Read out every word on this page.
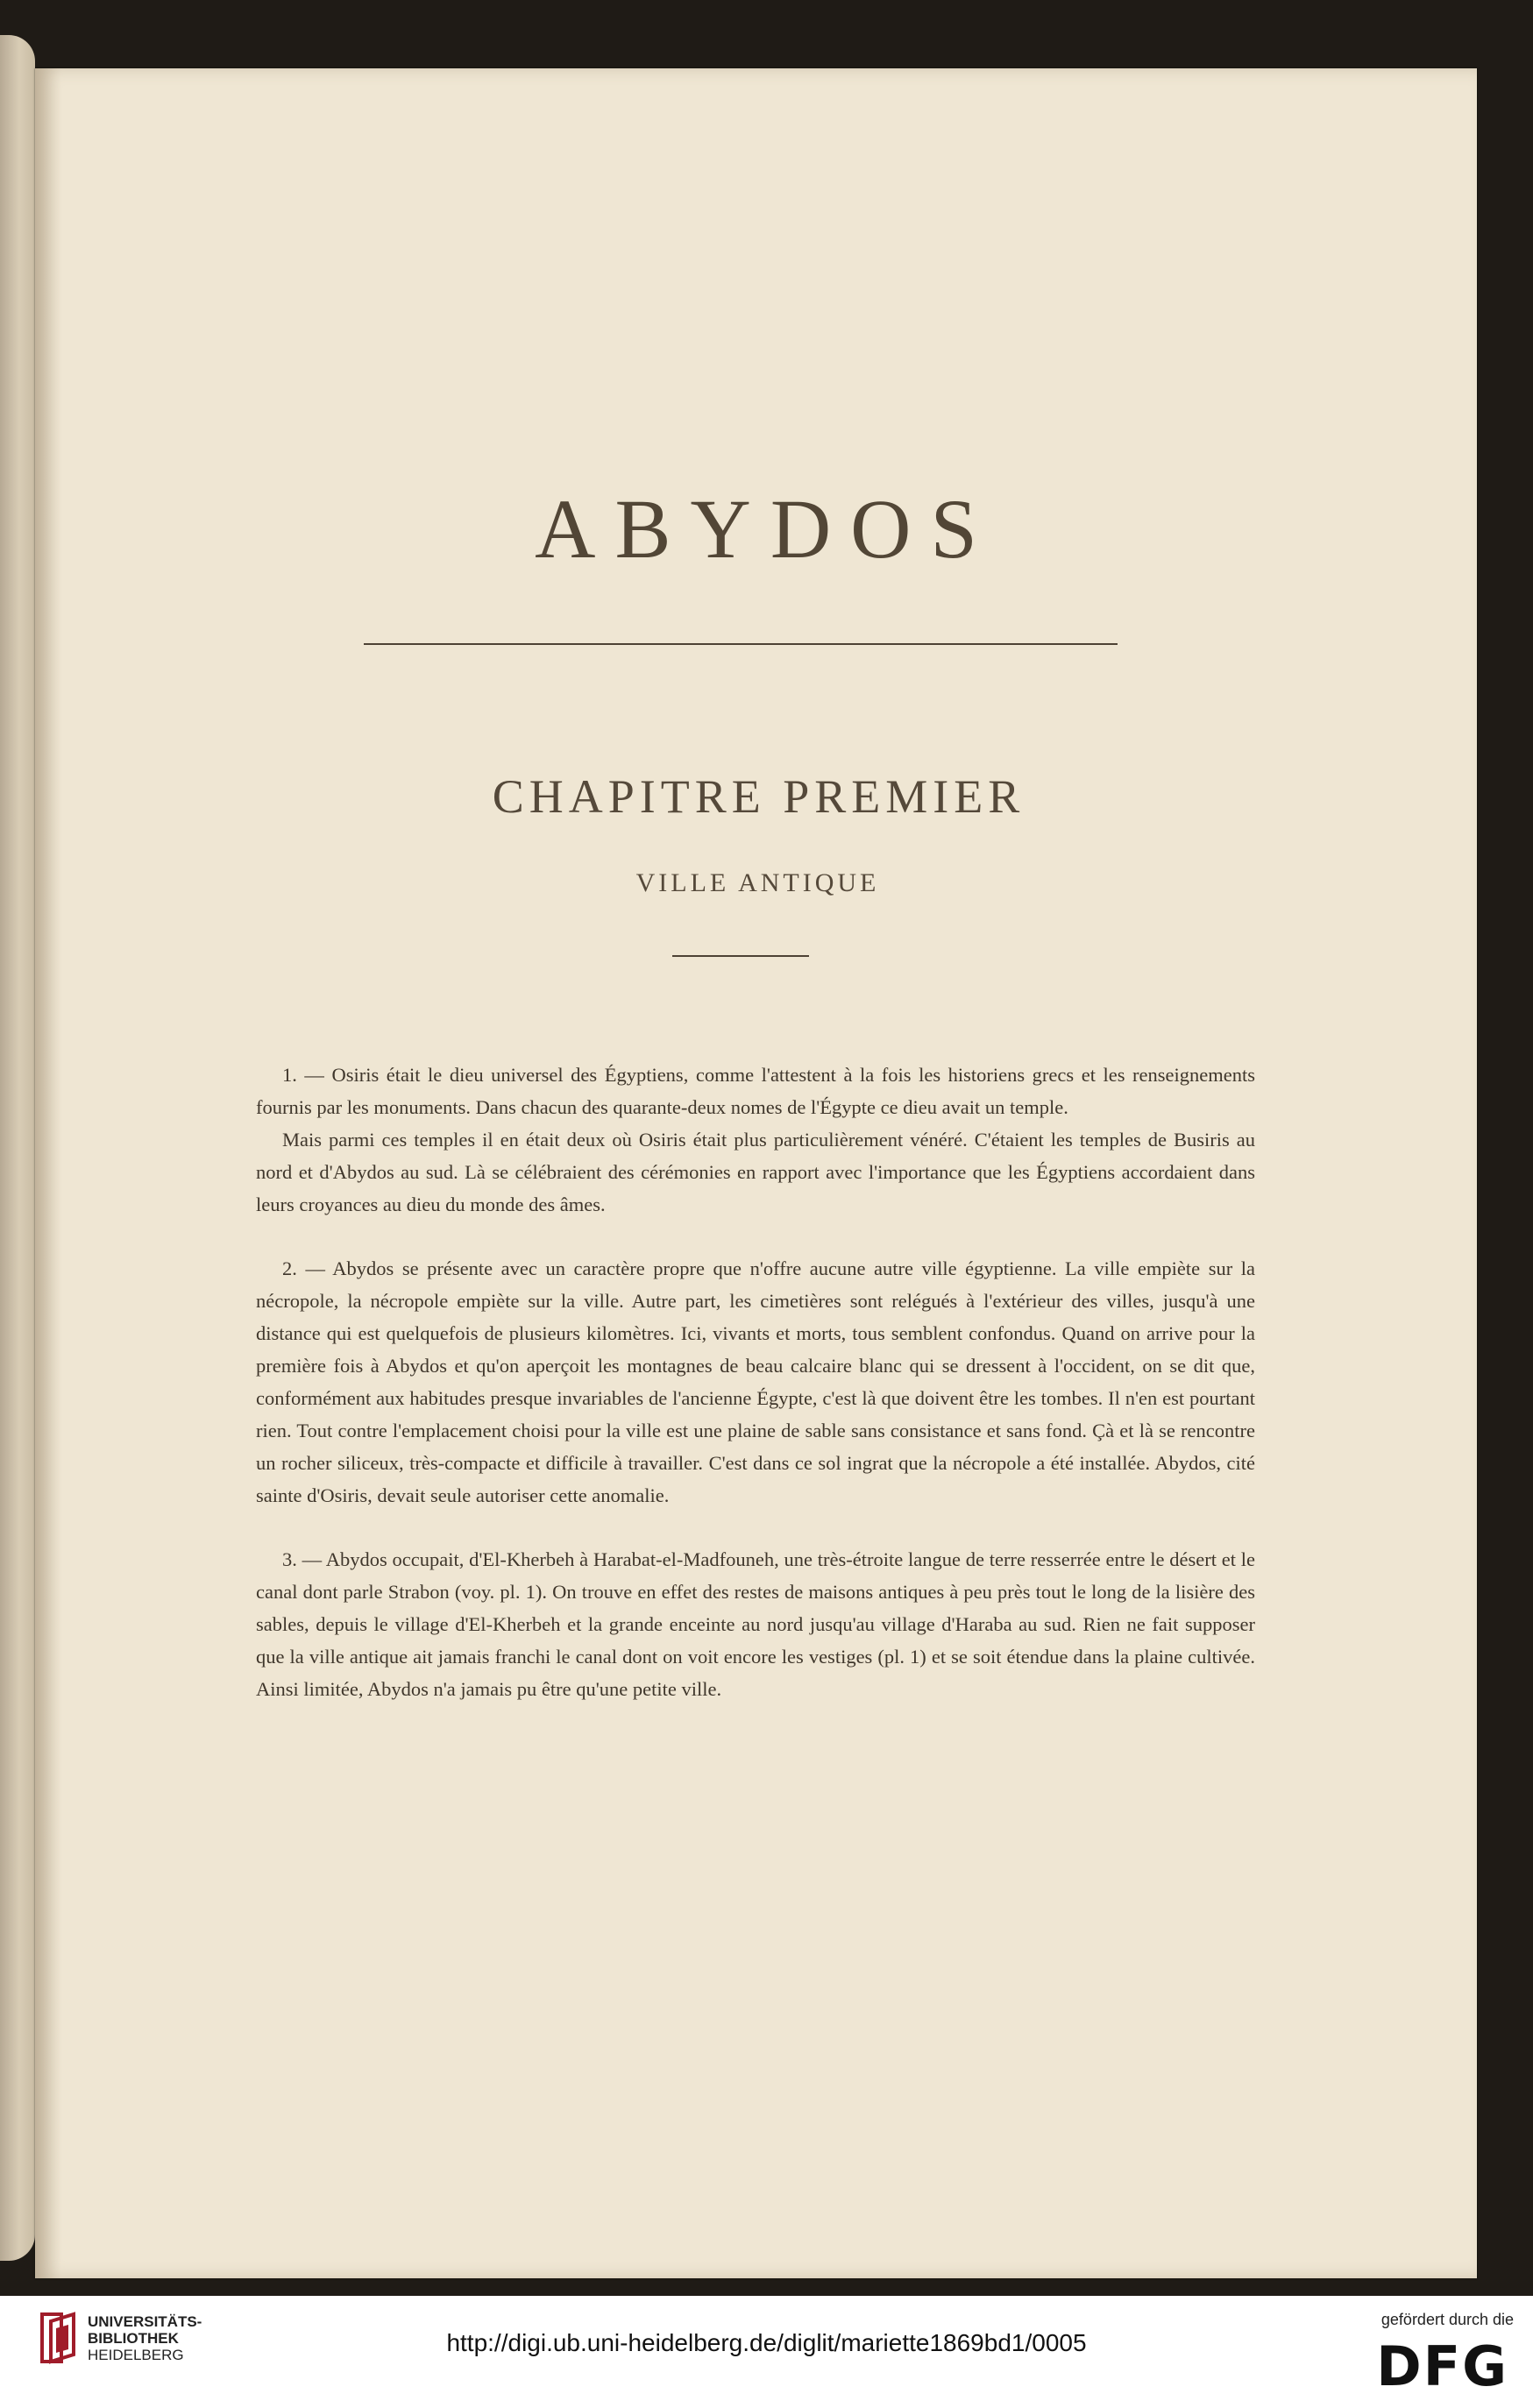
ABYDOS
CHAPITRE PREMIER
VILLE ANTIQUE

1. — Osiris était le dieu universel des Égyptiens, comme l'attestent à la fois les historiens grecs et les renseignements fournis par les monuments. Dans chacun des quarante-deux nomes de l'Égypte ce dieu avait un temple.

Mais parmi ces temples il en était deux où Osiris était plus particulièrement vénéré. C'étaient les temples de Busiris au nord et d'Abydos au sud. Là se célébraient des cérémonies en rapport avec l'importance que les Égyptiens accordaient dans leurs croyances au dieu du monde des âmes.

2. — Abydos se présente avec un caractère propre que n'offre aucune autre ville égyptienne. La ville empiète sur la nécropole, la nécropole empiète sur la ville. Autre part, les cimetières sont relégués à l'extérieur des villes, jusqu'à une distance qui est quelquefois de plusieurs kilomètres. Ici, vivants et morts, tous semblent confondus. Quand on arrive pour la première fois à Abydos et qu'on aperçoit les montagnes de beau calcaire blanc qui se dressent à l'occident, on se dit que, conformément aux habitudes presque invariables de l'ancienne Égypte, c'est là que doivent être les tombes. Il n'en est pourtant rien. Tout contre l'emplacement choisi pour la ville est une plaine de sable sans consistance et sans fond. Çà et là se rencontre un rocher siliceux, très-compacte et difficile à travailler. C'est dans ce sol ingrat que la nécropole a été installée. Abydos, cité sainte d'Osiris, devait seule autoriser cette anomalie.

3. — Abydos occupait, d'El-Kherbeh à Harabat-el-Madfouneh, une très-étroite langue de terre resserrée entre le désert et le canal dont parle Strabon (voy. pl. 1). On trouve en effet des restes de maisons antiques à peu près tout le long de la lisière des sables, depuis le village d'El-Kherbeh et la grande enceinte au nord jusqu'au village d'Haraba au sud. Rien ne fait supposer que la ville antique ait jamais franchi le canal dont on voit encore les vestiges (pl. 1) et se soit étendue dans la plaine cultivée. Ainsi limitée, Abydos n'a jamais pu être qu'une petite ville.

UNIVERSITÄTS-
BIBLIOTHEK
HEIDELBERG	http://digi.ub.uni-heidelberg.de/diglit/mariette1869bd1/0005
gefördert durch die
DFG
